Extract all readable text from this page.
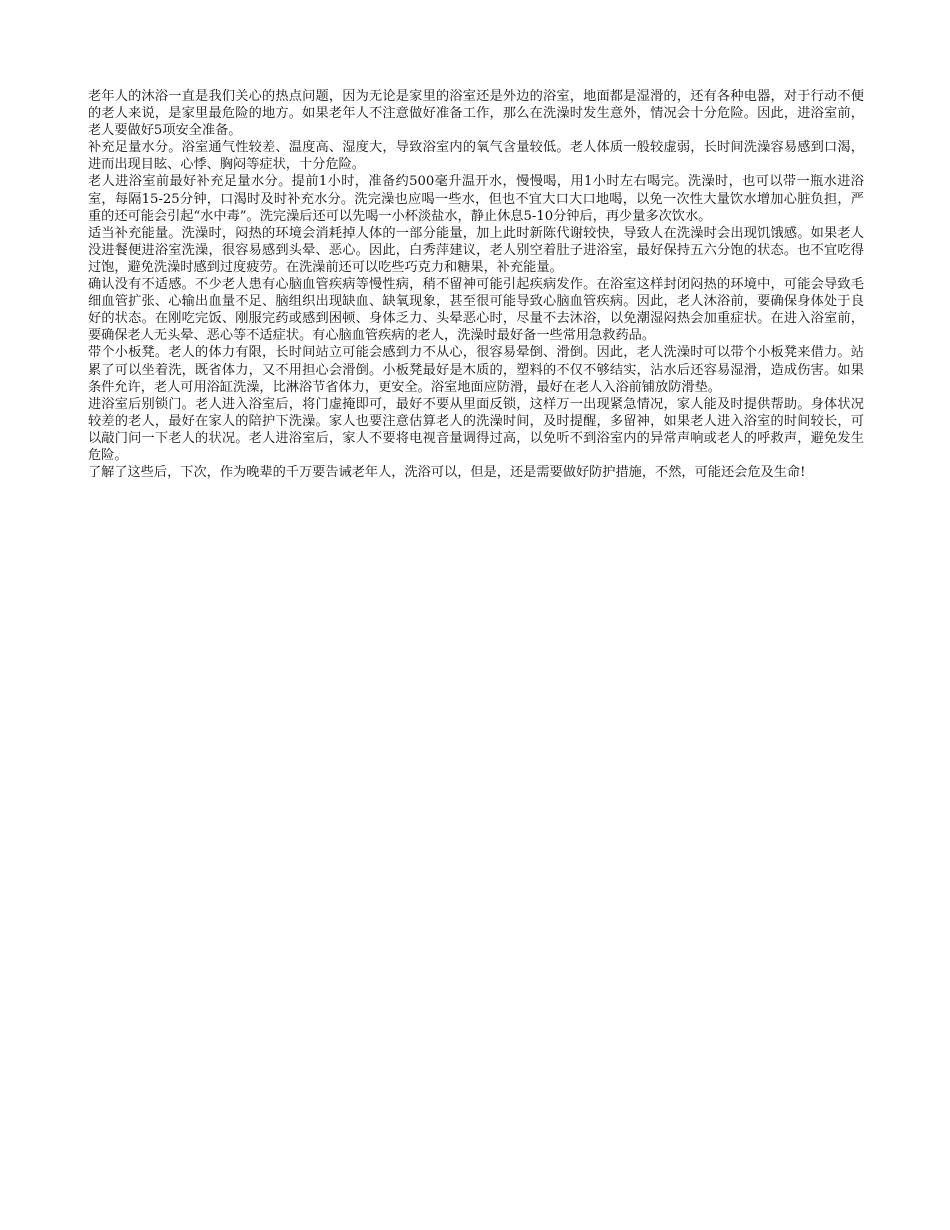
老年人的沐浴一直是我们关心的热点问题，因为无论是家里的浴室还是外边的浴室，地面都是湿滑的，还有各种电器，对于行动不便的老人来说，是家里最危险的地方。如果老年人不注意做好准备工作，那么在洗澡时发生意外，情况会十分危险。因此，进浴室前，老人要做好5项安全准备。

补充足量水分。浴室通气性较差、温度高、湿度大，导致浴室内的氧气含量较低。老人体质一般较虚弱，长时间洗澡容易感到口渴，进而出现目眩、心悸、胸闷等症状，十分危险。

老人进浴室前最好补充足量水分。提前1小时，准备约500毫升温开水，慢慢喝，用1小时左右喝完。洗澡时，也可以带一瓶水进浴室，每隔15-25分钟，口渴时及时补充水分。洗完澡也应喝一些水，但也不宜大口大口地喝，以免一次性大量饮水增加心脏负担，严重的还可能会引起“水中毒”。洗完澡后还可以先喝一小杯淡盐水，静止休息5-10分钟后，再少量多次饮水。

适当补充能量。洗澡时，闷热的环境会消耗掉人体的一部分能量，加上此时新陈代谢较快，导致人在洗澡时会出现饥饿感。如果老人没进餐便进浴室洗澡，很容易感到头晕、恶心。因此，白秀萍建议，老人别空着肚子进浴室，最好保持五六分饱的状态。也不宜吃得过饱，避免洗澡时感到过度疲劳。在洗澡前还可以吃些巧克力和糖果，补充能量。

确认没有不适感。不少老人患有心脑血管疾病等慢性病，稍不留神可能引起疾病发作。在浴室这样封闭闷热的环境中，可能会导致毛细血管扩张、心输出血量不足、脑组织出现缺血、缺氧现象，甚至很可能导致心脑血管疾病。因此，老人沐浴前，要确保身体处于良好的状态。在刚吃完饭、刚服完药或感到困顿、身体乏力、头晕恶心时，尽量不去沐浴，以免潮湿闷热会加重症状。在进入浴室前，要确保老人无头晕、恶心等不适症状。有心脑血管疾病的老人，洗澡时最好备一些常用急救药品。

带个小板凳。老人的体力有限，长时间站立可能会感到力不从心，很容易晕倒、滑倒。因此，老人洗澡时可以带个小板凳来借力。站累了可以坐着洗，既省体力，又不用担心会滑倒。小板凳最好是木质的，塑料的不仅不够结实，沾水后还容易湿滑，造成伤害。如果条件允许，老人可用浴缸洗澡，比淋浴节省体力，更安全。浴室地面应防滑，最好在老人入浴前铺放防滑垫。

进浴室后别锁门。老人进入浴室后，将门虚掩即可，最好不要从里面反锁，这样万一出现紧急情况，家人能及时提供帮助。身体状况较差的老人，最好在家人的陪护下洗澡。家人也要注意估算老人的洗澡时间，及时提醒，多留神，如果老人进入浴室的时间较长，可以敲门问一下老人的状况。老人进浴室后，家人不要将电视音量调得过高，以免听不到浴室内的异常声响或老人的呼救声，避免发生危险。

了解了这些后，下次，作为晚辈的千万要告诫老年人，洗浴可以，但是，还是需要做好防护措施，不然，可能还会危及生命!
